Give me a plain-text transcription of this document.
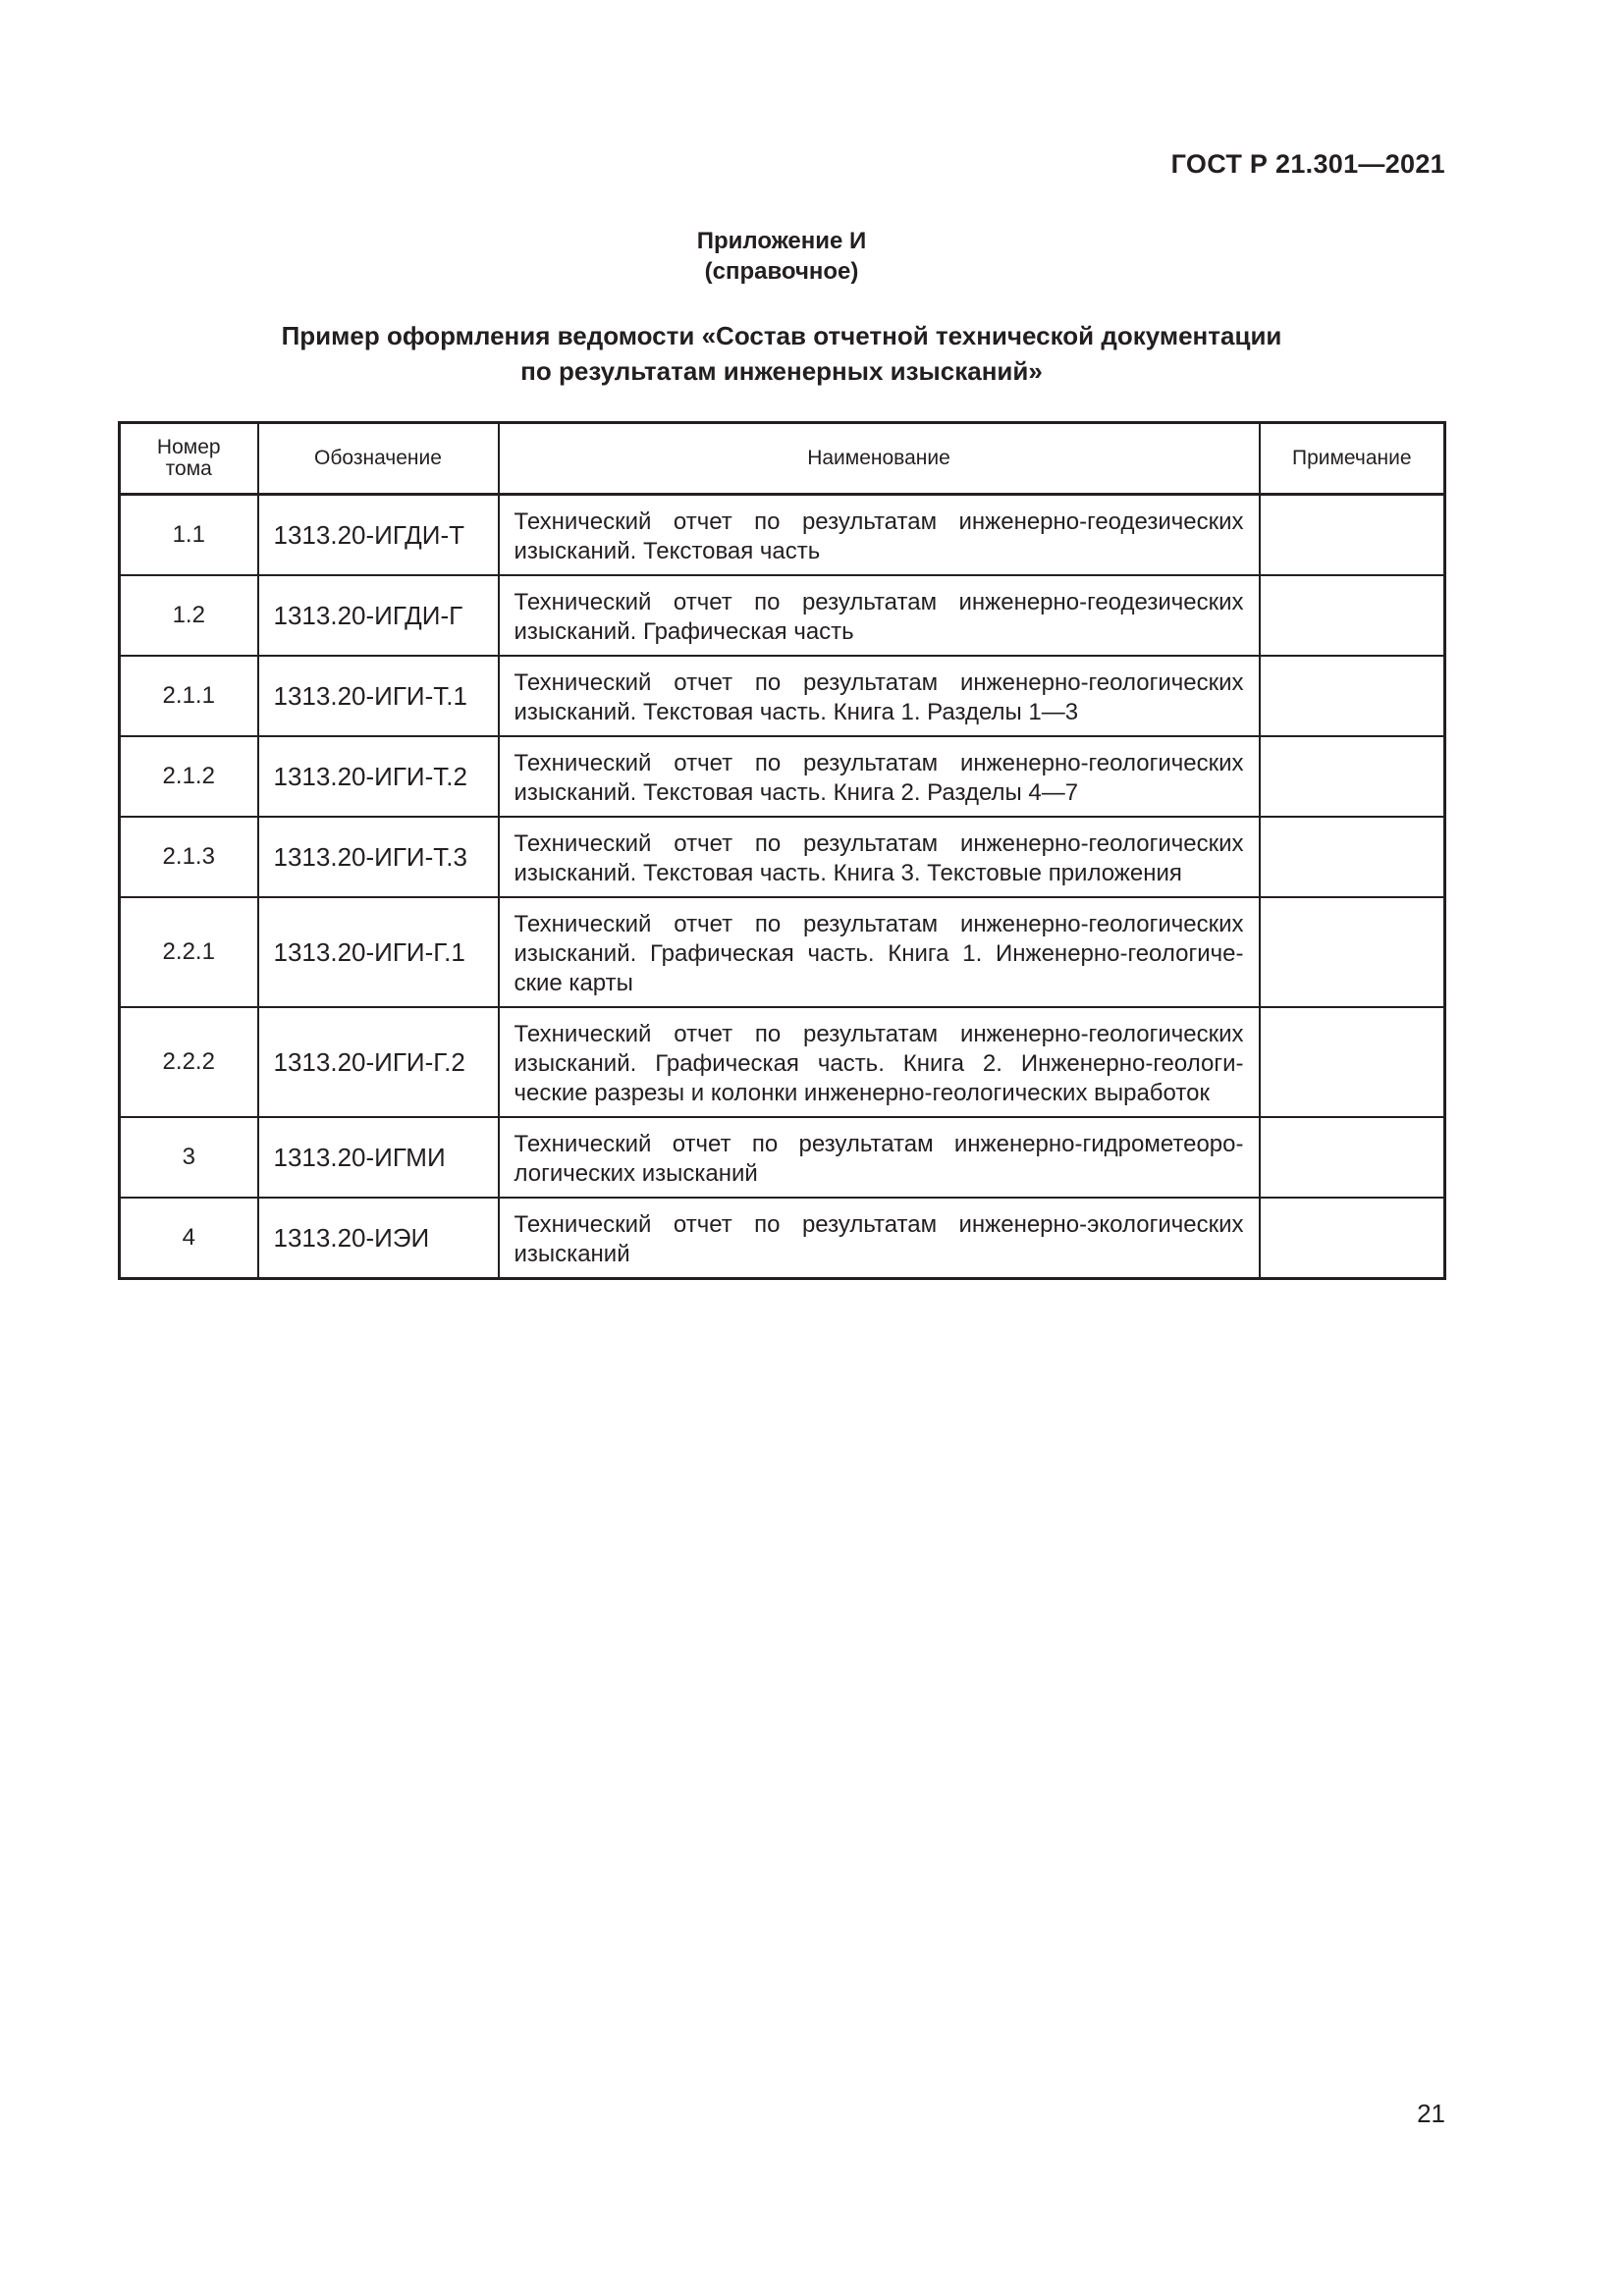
ГОСТ Р 21.301—2021
Приложение И
(справочное)
Пример оформления ведомости «Состав отчетной технической документации
по результатам инженерных изысканий»
Номер
тома	Обозначение	Наименование	Примечание
1.1	1313.20-ИГДИ-Т	Технический отчет по результатам инженерно-геодезических изысканий. Текстовая часть	
1.2	1313.20-ИГДИ-Г	Технический отчет по результатам инженерно-геодезических изысканий. Графическая часть	
2.1.1	1313.20-ИГИ-Т.1	Технический отчет по результатам инженерно-геологических изысканий. Текстовая часть. Книга 1. Разделы 1—3	
2.1.2	1313.20-ИГИ-Т.2	Технический отчет по результатам инженерно-геологических изысканий. Текстовая часть. Книга 2. Разделы 4—7	
2.1.3	1313.20-ИГИ-Т.3	Технический отчет по результатам инженерно-геологических изысканий. Текстовая часть. Книга 3. Текстовые приложения	
2.2.1	1313.20-ИГИ-Г.1	Технический отчет по результатам инженерно-геологических изысканий. Графическая часть. Книга 1. Инженерно-геологиче-ские карты	
2.2.2	1313.20-ИГИ-Г.2	Технический отчет по результатам инженерно-геологических изысканий. Графическая часть. Книга 2. Инженерно-геологи-ческие разрезы и колонки инженерно-геологических выработок	
3	1313.20-ИГМИ	Технический отчет по результатам инженерно-гидрометеоро-логических изысканий	
4	1313.20-ИЭИ	Технический отчет по результатам инженерно-экологических изысканий	
21
